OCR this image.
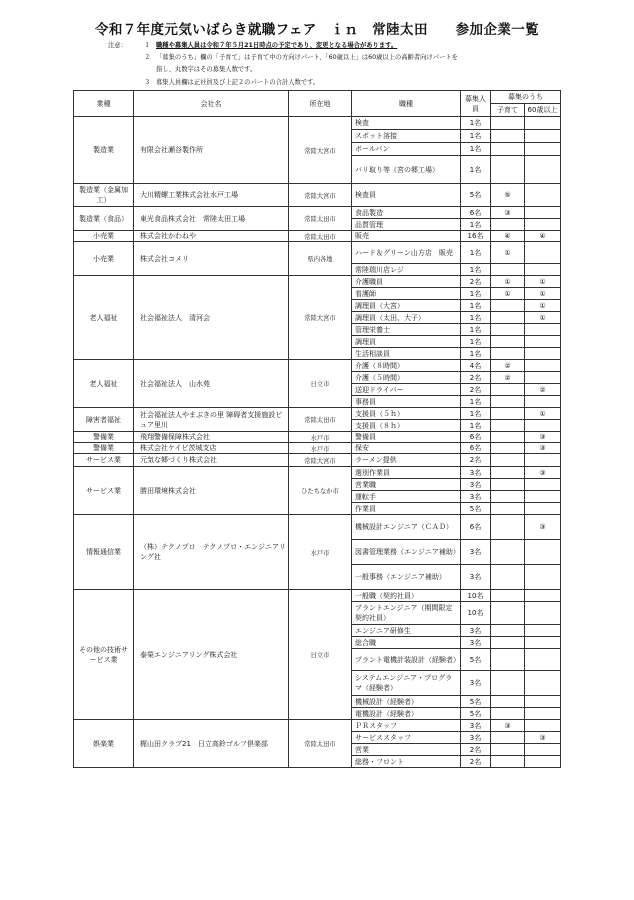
令和７年度元気いばらき就職フェア　ｉｎ　常陸太田　　参加企業一覧
注意：	１ 職種や募集人員は令和７年５月21日時点の予定であり、変更となる場合があります。
２ 「募集のうち」欄の「子育て」は子育て中の方向けパート、「60歳以上」は60歳以上の高齢者向けパートを
指し、丸数字はその募集人数です。
３ 募集人員欄は正社員及び上記２のパートの合計人数です。
業種	会社名	所在地	職種	募集人員	募集のうち	
					子育て	60歳以上
製造業	有限会社瀬谷製作所	常陸大宮市	検査	1名		
			スポット溶接	1名		
			ボールバン	1名		
			バリ取り等（宮の郷工場）	1名		
製造業（金属加工）	大川精螺工業株式会社水戸工場	常陸大宮市	検査員	5名	⑤	
製造業（食品）	東光食品株式会社　常陸太田工場	常陸太田市	食品製造	6名	③	
			品質管理	1名		
小売業	株式会社かわねや	常陸太田市	販売	16名	④	④
小売業	株式会社コメリ	県内各地	ハード＆グリーン山方店　販売	1名	①	
			常陸瑞川店レジ	1名		
老人福祉	社会福祉法人　清河会	常陸大宮市	介護職員	2名	①	①
			看護師	1名	①	①
			調理員（大宮）	1名		①
			調理員（太田、大子）	1名		①
			管理栄養士	1名		
			調理員	1名		
			生活相談員	1名		
老人福祉	社会福祉法人　山水苑	日立市	介護（８時間）	4名	②	
			介護（５時間）	2名	②	
			送迎ドライバー	2名		②
			事務員	1名		
障害者福祉	社会福祉法人やまぶきの里 障碍者支援施設ピュア里川	常陸太田市	支援員（５ｈ）	1名		①
			支援員（８ｈ）	1名		
警備業	飛翔警備保障株式会社	水戸市	警備員	6名		③
警備業	株式会社ケイビ茨城支店	水戸市	保安	6名		③
サービス業	元気な郷づくり株式会社	常陸大宮市	ラーメン提供	2名		
サービス業	勝田環境株式会社	ひたちなか市	選別作業員	3名		③
			営業職	3名		
			運転手	3名		
			作業員	5名		
情報通信業	（株）テクノプロ　テクノプロ・エンジニアリング社	水戸市	機械設計エンジニア（ＣＡＤ）	6名		③
			図書管理業務（エンジニア補助）	3名		
			一般事務（エンジニア補助）	3名		
その他の技術サービス業	泰榮エンジニアリング株式会社	日立市	一般職（契約社員）	10名		
			プラントエンジニア（期間限定契約社員）	10名		
			エンジニア研修生	3名		
			総合職	3名		
			プラント電機計装設計（経験者）	5名		
			システムエンジニア・プログラマ（経験者）	3名		
			機械設計（経験者）	5名		
			電機設計（経験者）	5名		
娯楽業	梶山田クラブ21　日立高鈴ゴルフ倶楽部	常陸太田市	ＰＲスタッフ	3名	③	
			サービススタッフ	3名		③
			営業	2名		
			総務・フロント	2名		
